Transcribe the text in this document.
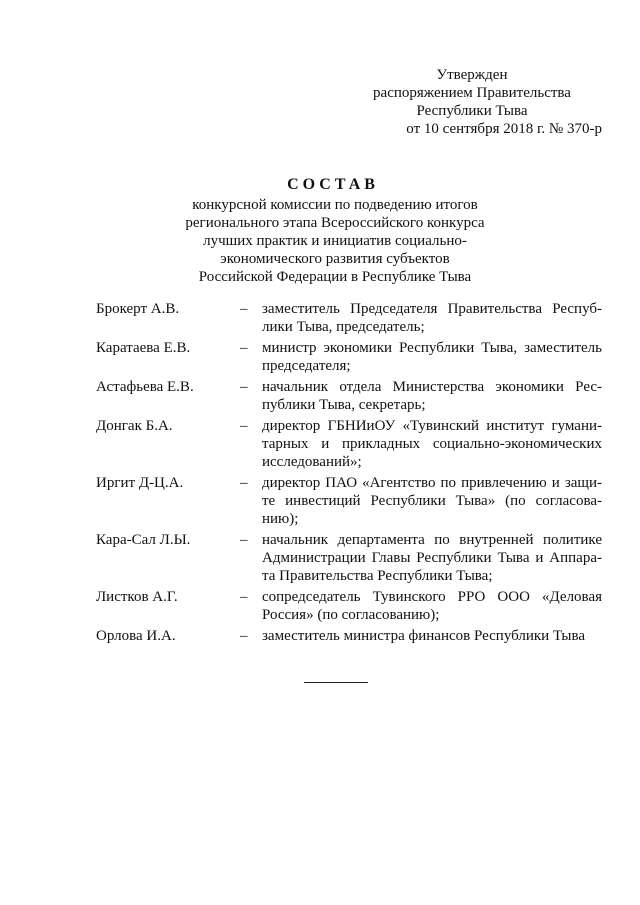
Утвержден
распоряжением Правительства
Республики Тыва
от 10 сентября 2018 г. № 370-р
СОСТАВ
конкурсной комиссии по подведению итогов
регионального этапа Всероссийского конкурса
лучших практик и инициатив социально-
экономического развития субъектов
Российской Федерации в Республике Тыва
Брокерт А.В.	– заместитель Председателя Правительства Респуб-
лики Тыва, председатель;
Каратаева Е.В.	– министр экономики Республики Тыва, заместитель
председателя;
Астафьева Е.В.	– начальник отдела Министерства экономики Рес-
публики Тыва, секретарь;
Донгак Б.А.	– директор ГБНИиОУ «Тувинский институт гумани-
тарных и прикладных социально-экономических
исследований»;
Иргит Д-Ц.А.	– директор ПАО «Агентство по привлечению и защи-
те инвестиций Республики Тыва» (по согласова-
нию);
Кара-Сал Л.Ы.	– начальник департамента по внутренней политике
Администрации Главы Республики Тыва и Аппара-
та Правительства Республики Тыва;
Листков А.Г.	– сопредседатель Тувинского РРО ООО «Деловая
Россия» (по согласованию);
Орлова И.А.	– заместитель министра финансов Республики Тыва
